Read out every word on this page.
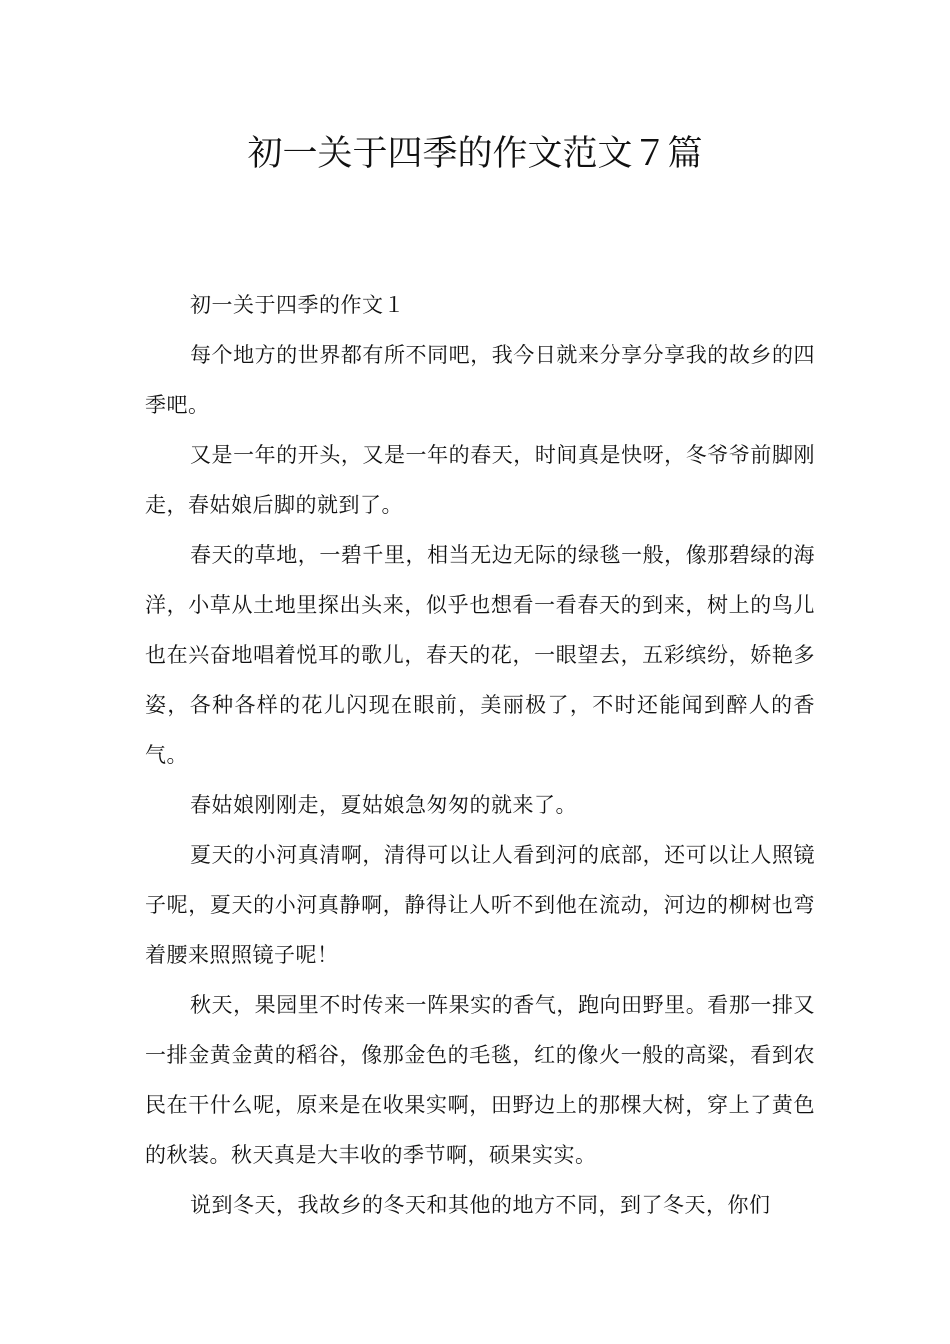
初一关于四季的作文范文７篇

初一关于四季的作文１

每个地方的世界都有所不同吧，我今日就来分享分享我的故乡的四季吧。

又是一年的开头，又是一年的春天，时间真是快呀，冬爷爷前脚刚走，春姑娘后脚的就到了。

春天的草地，一碧千里，相当无边无际的绿毯一般，像那碧绿的海洋，小草从土地里探出头来，似乎也想看一看春天的到来，树上的鸟儿也在兴奋地唱着悦耳的歌儿，春天的花，一眼望去，五彩缤纷，娇艳多姿，各种各样的花儿闪现在眼前，美丽极了，不时还能闻到醉人的香气。

春姑娘刚刚走，夏姑娘急匆匆的就来了。

夏天的小河真清啊，清得可以让人看到河的底部，还可以让人照镜子呢，夏天的小河真静啊，静得让人听不到他在流动，河边的柳树也弯着腰来照照镜子呢！

秋天，果园里不时传来一阵果实的香气，跑向田野里。看那一排又一排金黄金黄的稻谷，像那金色的毛毯，红的像火一般的高粱，看到农民在干什么呢，原来是在收果实啊，田野边上的那棵大树，穿上了黄色的秋装。秋天真是大丰收的季节啊，硕果实实。

说到冬天，我故乡的冬天和其他的地方不同，到了冬天，你们
